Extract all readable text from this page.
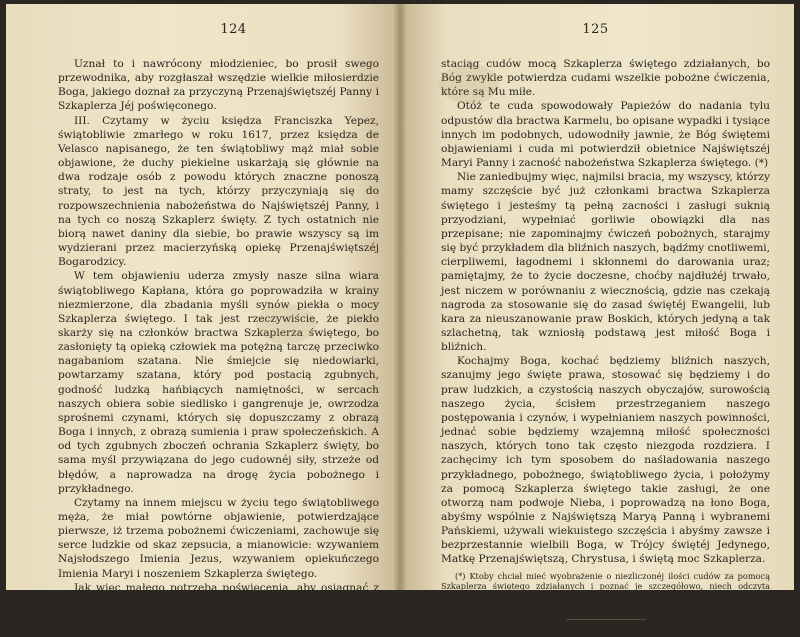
124

Uznał to i nawrócony młodzieniec, bo prosił swego przewodnika, aby rozgłaszał wszędzie wielkie miłosierdzie Boga, jakiego doznał za przyczyną Przenajświętszéj Panny i Szkaplerza Jéj poświęconego.

III. Czytamy w życiu księdza Franciszka Yepez, świątobliwie zmarłego w roku 1617, przez księdza de Velasco napisanego, że ten świątobliwy mąż miał sobie objawione, że duchy piekielne uskarżają się głównie na dwa rodzaje osób z powodu których znaczne ponoszą straty, to jest na tych, którzy przyczyniają się do rozpowszechnienia nabożeństwa do Najświętszéj Panny, i na tych co noszą Szkaplerz święty. Z tych ostatnich nie biorą nawet daniny dla siebie, bo prawie wszyscy są im wydzierani przez macierzyńską opiekę Przenajświętszéj Bogarodzicy.

W tem objawieniu uderza zmysły nasze silna wiara świątobliwego Kapłana, która go poprowadziła w krainy niezmierzone, dla zbadania myśli synów piekła o mocy Szkaplerza świętego. I tak jest rzeczywiście, że piekło skarży się na członków bractwa Szkaplerza świętego, bo zasłonięty tą opieką człowiek ma potężną tarczę przeciwko nagabaniom szatana. Nie śmiejcie się niedowiarki, powtarzamy szatana, który pod postacią zgubnych, godność ludzką hańbiących namiętności, w sercach naszych obiera sobie siedlisko i gangrenuje je, owrzodza sprośnemi czynami, których się dopuszczamy z obrazą Boga i innych, z obrazą sumienia i praw społeczeńskich. A od tych zgubnych zboczeń ochrania Szkaplerz święty, bo sama myśl przywiązana do jego cudownéj siły, strzeże od błędów, a naprowadza na drogę życia pobożnego i przykładnego.

Czytamy na innem miejscu w życiu tego świątobliwego męża, że miał powtórne objawienie, potwierdzające pierwsze, iż trzema pobożnemi ćwiczeniami, zachowuje się serce ludzkie od skaz zepsucia, a mianowicie: wzywaniem Najsłodszego Imienia Jezus, wzywaniem opiekuńczego Imienia Maryi i noszeniem Szkaplerza świętego.

Jak więc małego potrzeba poświęcenia, aby osiągnąć z niczem porównać się niedające dobro, to widzieliśmy z przytoczonych powyżéj przykładów, które przedstawiliśmy pod po-

125

staciąg cudów mocą Szkaplerza świętego zdziałanych, bo Bóg zwykle potwierdza cudami wszelkie pobożne ćwiczenia, które są Mu miłe.

Otóż te cuda spowodowały Papieżów do nadania tylu odpustów dla bractwa Karmelu, bo opisane wypadki i tysiące innych im podobnych, udowodniły jawnie, że Bóg świętemi objawieniami i cuda mi potwierdził obietnice Najświętszéj Maryi Panny i zacność nabożeństwa Szkaplerza świętego. (*)

Nie zaniedbujmy więc, najmilsi bracia, my wszyscy, którzy mamy szczęście być już członkami bractwa Szkaplerza świętego i jesteśmy tą pełną zacności i zasługi suknią przyodziani, wypełniać gorliwie obowiązki dla nas przepisane; nie zapominajmy ćwiczeń pobożnych, starajmy się być przykładem dla bliźnich naszych, bądźmy cnotliwemi, cierpliwemi, łagodnemi i skłonnemi do darowania uraz; pamiętajmy, że to życie doczesne, choćby najdłużéj trwało, jest niczem w porównaniu z wiecznością, gdzie nas czekają nagroda za stosowanie się do zasad świętéj Ewangelii, lub kara za nieuszanowanie praw Boskich, których jedyną a tak szlachetną, tak wzniosłą podstawą jest miłość Boga i bliźnich.

Kochajmy Boga, kochać będziemy bliźnich naszych, szanujmy jego święte prawa, stosować się będziemy i do praw ludzkich, a czystością naszych obyczajów, surowością naszego życia, ścisłem przestrzeganiem naszego postępowania i czynów, i wypełnianiem naszych powinności, jednać sobie będziemy wzajemną miłość społeczności naszych, których tono tak często niezgoda rozdziera. I zachęcimy ich tym sposobem do naśladowania naszego przykładnego, pobożnego, świątobliwego życia, i położymy za pomocą Szkaplerza świętego takie zasługi, że one otworzą nam podwoje Nieba, i poprowadzą na łono Boga, abyśmy wspólnie z Najświętszą Maryą Panną i wybranemi Pańskiemi, używali wiekuistego szczęścia i abyśmy zawsze i bezprzestannie wielbili Boga, w Trójcy świętéj Jedynego, Matkę Przenajświętszą, Chrystusa, i świętą moc Szkaplerza.

(*) Ktoby chciał mieć wyobrażenie o niezliczonéj ilości cudów za pomocą Szkaplerza świętego zdziałanych i poznać je szczegółowo, niech odczyta wybrane dzieło pod napisem: Manuel de Scapulaire, przez P. Sambucy, str. 100 i następne, jako też, Speculorum Carmelitarum.
